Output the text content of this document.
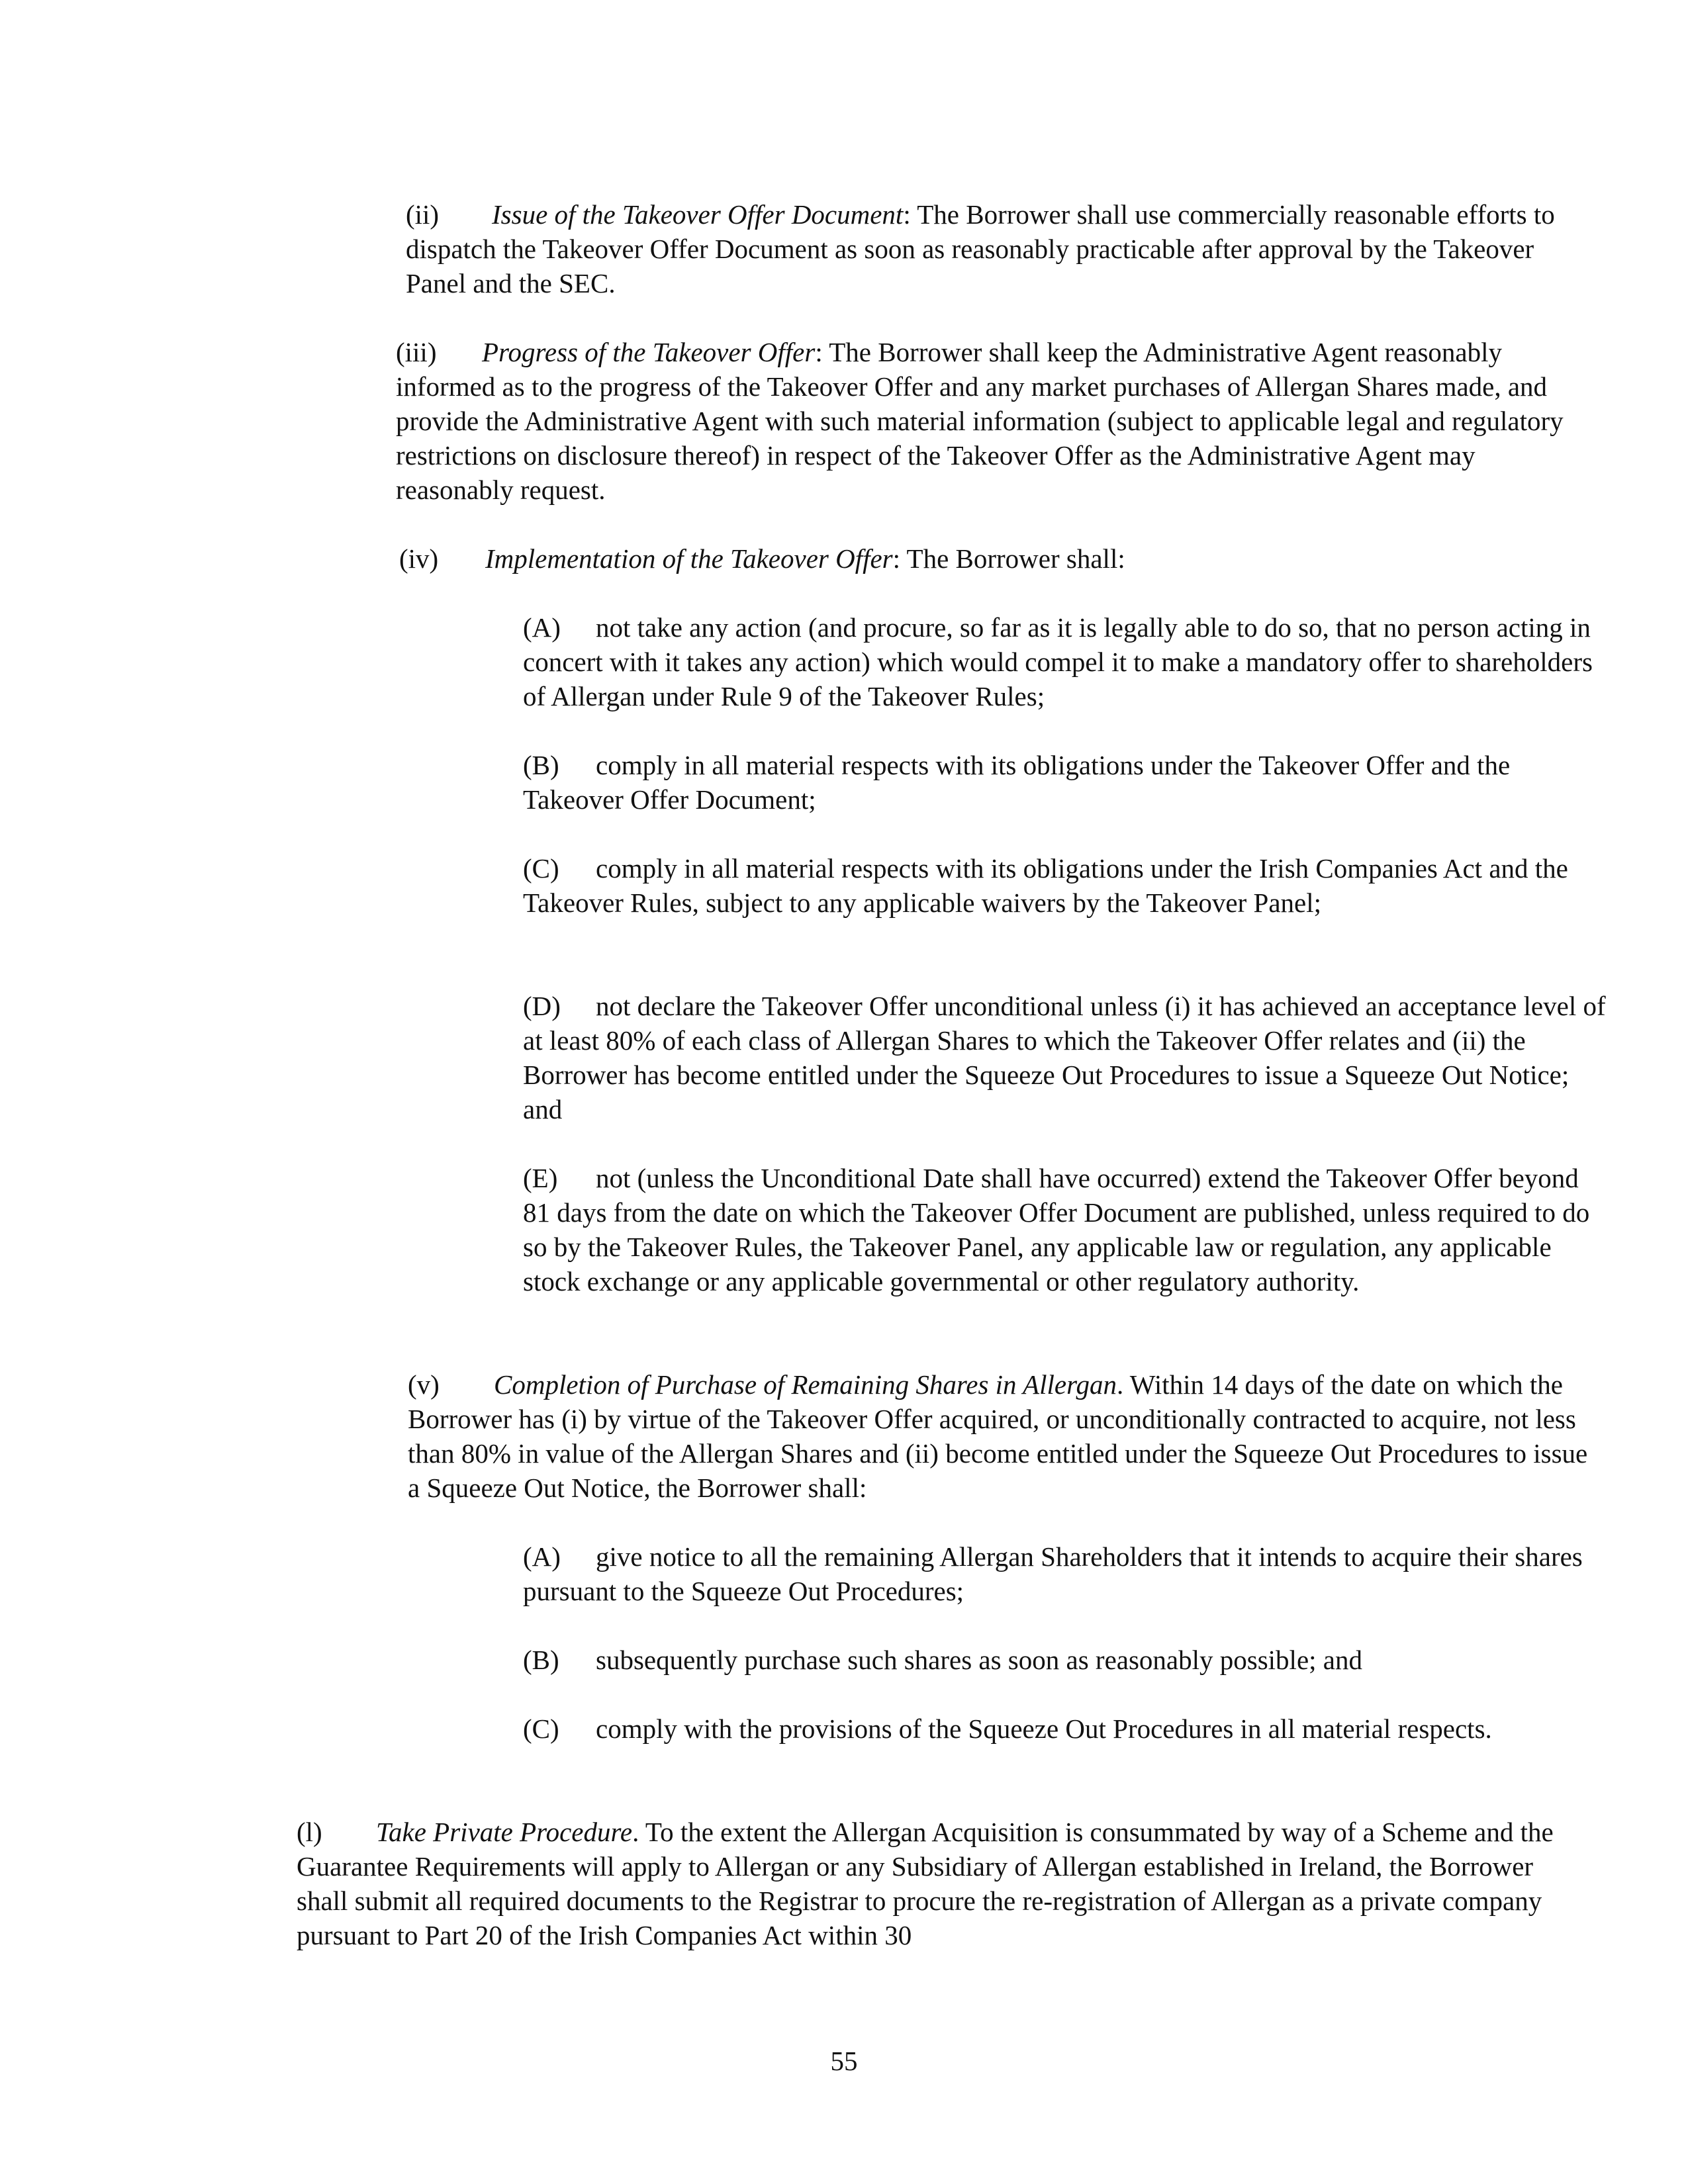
(ii) Issue of the Takeover Offer Document: The Borrower shall use commercially reasonable efforts to dispatch the Takeover Offer Document as soon as reasonably practicable after approval by the Takeover Panel and the SEC.

(iii) Progress of the Takeover Offer: The Borrower shall keep the Administrative Agent reasonably informed as to the progress of the Takeover Offer and any market purchases of Allergan Shares made, and provide the Administrative Agent with such material information (subject to applicable legal and regulatory restrictions on disclosure thereof) in respect of the Takeover Offer as the Administrative Agent may reasonably request.

(iv) Implementation of the Takeover Offer: The Borrower shall:

(A) not take any action (and procure, so far as it is legally able to do so, that no person acting in concert with it takes any action) which would compel it to make a mandatory offer to shareholders of Allergan under Rule 9 of the Takeover Rules;

(B) comply in all material respects with its obligations under the Takeover Offer and the Takeover Offer Document;

(C) comply in all material respects with its obligations under the Irish Companies Act and the Takeover Rules, subject to any applicable waivers by the Takeover Panel;

(D) not declare the Takeover Offer unconditional unless (i) it has achieved an acceptance level of at least 80% of each class of Allergan Shares to which the Takeover Offer relates and (ii) the Borrower has become entitled under the Squeeze Out Procedures to issue a Squeeze Out Notice; and

(E) not (unless the Unconditional Date shall have occurred) extend the Takeover Offer beyond 81 days from the date on which the Takeover Offer Document are published, unless required to do so by the Takeover Rules, the Takeover Panel, any applicable law or regulation, any applicable stock exchange or any applicable governmental or other regulatory authority.

(v) Completion of Purchase of Remaining Shares in Allergan. Within 14 days of the date on which the Borrower has (i) by virtue of the Takeover Offer acquired, or unconditionally contracted to acquire, not less than 80% in value of the Allergan Shares and (ii) become entitled under the Squeeze Out Procedures to issue a Squeeze Out Notice, the Borrower shall:

(A) give notice to all the remaining Allergan Shareholders that it intends to acquire their shares pursuant to the Squeeze Out Procedures;

(B) subsequently purchase such shares as soon as reasonably possible; and

(C) comply with the provisions of the Squeeze Out Procedures in all material respects.

(l) Take Private Procedure. To the extent the Allergan Acquisition is consummated by way of a Scheme and the Guarantee Requirements will apply to Allergan or any Subsidiary of Allergan established in Ireland, the Borrower shall submit all required documents to the Registrar to procure the re-registration of Allergan as a private company pursuant to Part 20 of the Irish Companies Act within 30

55
